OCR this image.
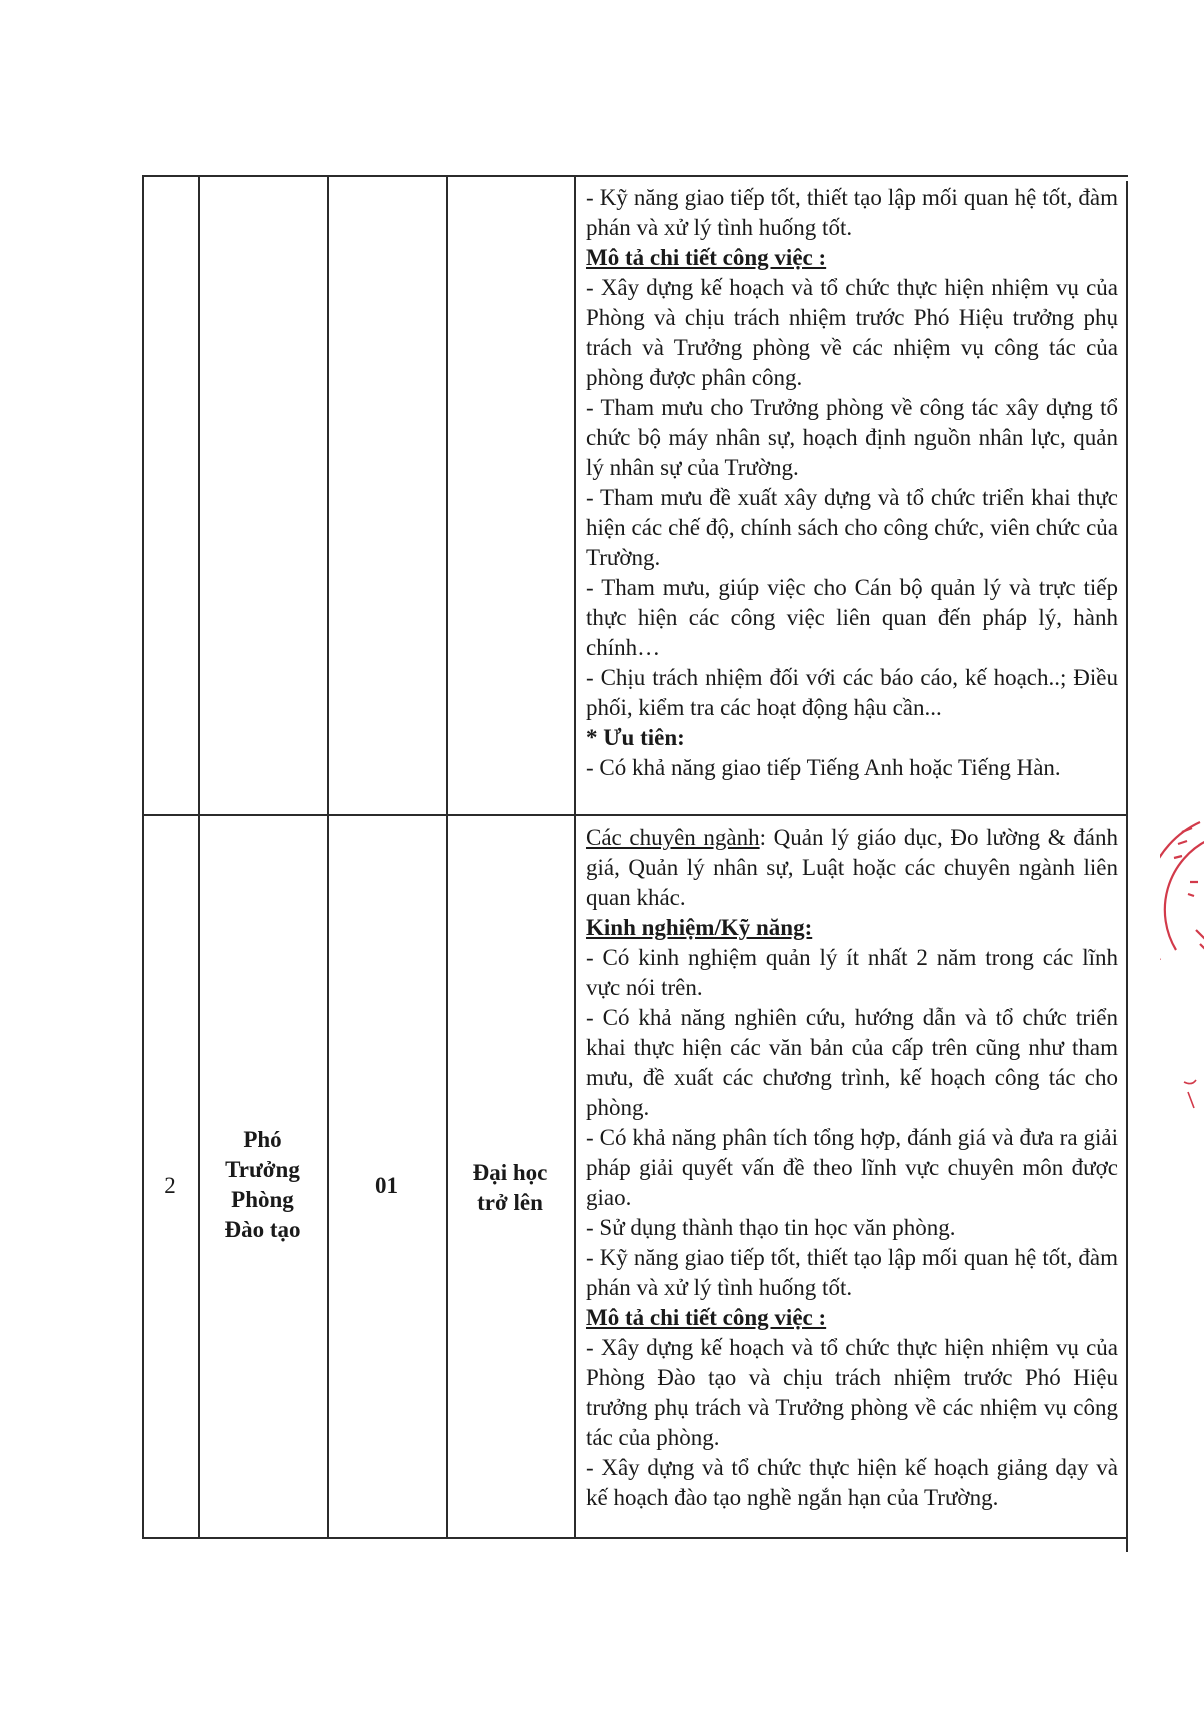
- Kỹ năng giao tiếp tốt, thiết tạo lập mối quan hệ tốt, đàm phán và xử lý tình huống tốt.

Mô tả chi tiết công việc :

- Xây dựng kế hoạch và tổ chức thực hiện nhiệm vụ của Phòng và chịu trách nhiệm trước Phó Hiệu trưởng phụ trách và Trưởng phòng về các nhiệm vụ công tác của phòng được phân công.

- Tham mưu cho Trưởng phòng về công tác xây dựng tổ chức bộ máy nhân sự, hoạch định nguồn nhân lực, quản lý nhân sự của Trường.

- Tham mưu đề xuất xây dựng và tổ chức triển khai thực hiện các chế độ, chính sách cho công chức, viên chức của Trường.

- Tham mưu, giúp việc cho Cán bộ quản lý và trực tiếp thực hiện các công việc liên quan đến pháp lý, hành chính…

- Chịu trách nhiệm đối với các báo cáo, kế hoạch..; Điều phối, kiểm tra các hoạt động hậu cần...

* Ưu tiên:

- Có khả năng giao tiếp Tiếng Anh hoặc Tiếng Hàn.

2
Phó
Trưởng
Phòng
Đào tạo
01
Đại học
trở lên

Các chuyên ngành: Quản lý giáo dục, Đo lường & đánh giá, Quản lý nhân sự, Luật hoặc các chuyên ngành liên quan khác.

Kinh nghiệm/Kỹ năng:

- Có kinh nghiệm quản lý ít nhất 2 năm trong các lĩnh vực nói trên.

- Có khả năng nghiên cứu, hướng dẫn và tổ chức triển khai thực hiện các văn bản của cấp trên cũng như tham mưu, đề xuất các chương trình, kế hoạch công tác cho phòng.

- Có khả năng phân tích tổng hợp, đánh giá và đưa ra giải pháp giải quyết vấn đề theo lĩnh vực chuyên môn được giao.

- Sử dụng thành thạo tin học văn phòng.

- Kỹ năng giao tiếp tốt, thiết tạo lập mối quan hệ tốt, đàm phán và xử lý tình huống tốt.

Mô tả chi tiết công việc :

- Xây dựng kế hoạch và tổ chức thực hiện nhiệm vụ của Phòng Đào tạo và chịu trách nhiệm trước Phó Hiệu trưởng phụ trách và Trưởng phòng về các nhiệm vụ công tác của phòng.

- Xây dựng và tổ chức thực hiện kế hoạch giảng dạy và kế hoạch đào tạo nghề ngắn hạn của Trường.
